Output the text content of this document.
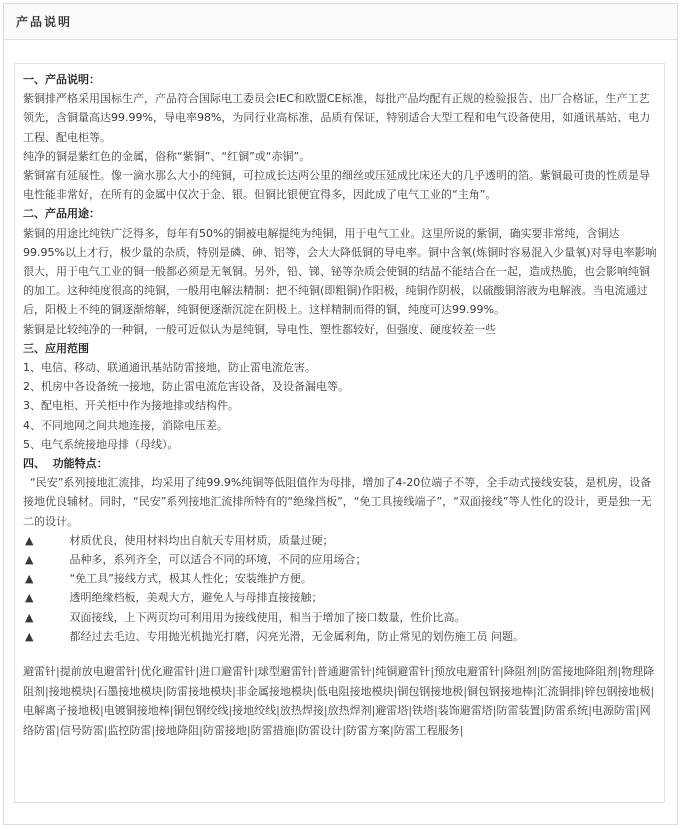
产品说明

一、产品说明：

紫铜排严格采用国标生产，产品符合国际电工委员会IEC和欧盟CE标准，每批产品均配有正规的检验报告、出厂合格证，生产工艺领先，含铜量高达99.99%，导电率98%，为同行业高标准，品质有保证，特别适合大型工程和电气设备使用，如通讯基站、电力工程、配电柜等。

纯净的铜是紫红色的金属，俗称“紫铜”、“红铜”或“赤铜”。

紫铜富有延展性。像一滴水那么大小的纯铜，可拉成长达两公里的细丝或压延成比床还大的几乎透明的箔。紫铜最可贵的性质是导电性能非常好，在所有的金属中仅次于金、银。但铜比银便宜得多，因此成了电气工业的“主角”。

二、产品用途：

紫铜的用途比纯铁广泛得多，每年有50%的铜被电解提纯为纯铜，用于电气工业。这里所说的紫铜，确实要非常纯，含铜达99.95%以上才行，极少量的杂质，特别是磷、砷、铝等，会大大降低铜的导电率。铜中含氧(炼铜时容易混入少量氧)对导电率影响很大，用于电气工业的铜一般都必须是无氧铜。另外，铅、锑、铋等杂质会使铜的结晶不能结合在一起，造成热脆，也会影响纯铜的加工。这种纯度很高的纯铜，一般用电解法精制：把不纯铜(即粗铜)作阳极，纯铜作阴极，以硫酸铜溶液为电解液。当电流通过后，阳极上不纯的铜逐渐熔解，纯铜便逐渐沉淀在阴极上。这样精制而得的铜，纯度可达99.99%。

紫铜是比较纯净的一种铜，一般可近似认为是纯铜，导电性、塑性都较好，但强度、硬度较差一些

三、应用范围

1、电信、移动、联通通讯基站防雷接地，防止雷电流危害。

2、机房中各设备统一接地，防止雷电流危害设备，及设备漏电等。

3、配电柜、开关柜中作为接地排或结构件。

4、不同地网之间共地连接，消除电压差。

5、电气系统接地母排（母线）。

四、  功能特点：

“民安”系列接地汇流排，均采用了纯99.9%纯铜等低阻值作为母排，增加了4-20位端子不等，全手动式接线安装，是机房，设备接地优良辅材。同时，“民安”系列接地汇流排所特有的“绝缘挡板”，“免工具接线端子”，“双面接线”等人性化的设计，更是独一无二的设计。

▲	材质优良，使用材料均出自航天专用材质，质量过硬；
▲	品种多，系列齐全，可以适合不同的环境，不同的应用场合；
▲	“免工具”接线方式，极其人性化；安装维护方便。
▲	透明绝缘档板，美观大方，避免人与母排直接接触；
▲	双面接线，上下两页均可利用用为接线使用，相当于增加了接口数量，性价比高。
▲	都经过去毛边、专用抛光机抛光打磨，闪亮光滑，无金属利角，防止常见的划伤施工员 问题。
避雷针|提前放电避雷针|优化避雷针|进口避雷针|球型避雷针|普通避雷针|纯铜避雷针|预放电避雷针|降阻剂|防雷接地降阻剂|物理降阻剂|接地模块|石墨接地模块|防雷接地模块|非金属接地模块|低电阻接地模块|铜包钢接地极|铜包钢接地棒|汇流铜排|锌包钢接地极|电解离子接地极|电镀铜接地棒|铜包钢绞线|接地绞线|放热焊接|放热焊剂|避雷塔|铁塔|装饰避雷塔|防雷装置|防雷系统|电源防雷|网络防雷|信号防雷|监控防雷|接地降阻|防雷接地|防雷措施|防雷设计|防雷方案|防雷工程服务|
